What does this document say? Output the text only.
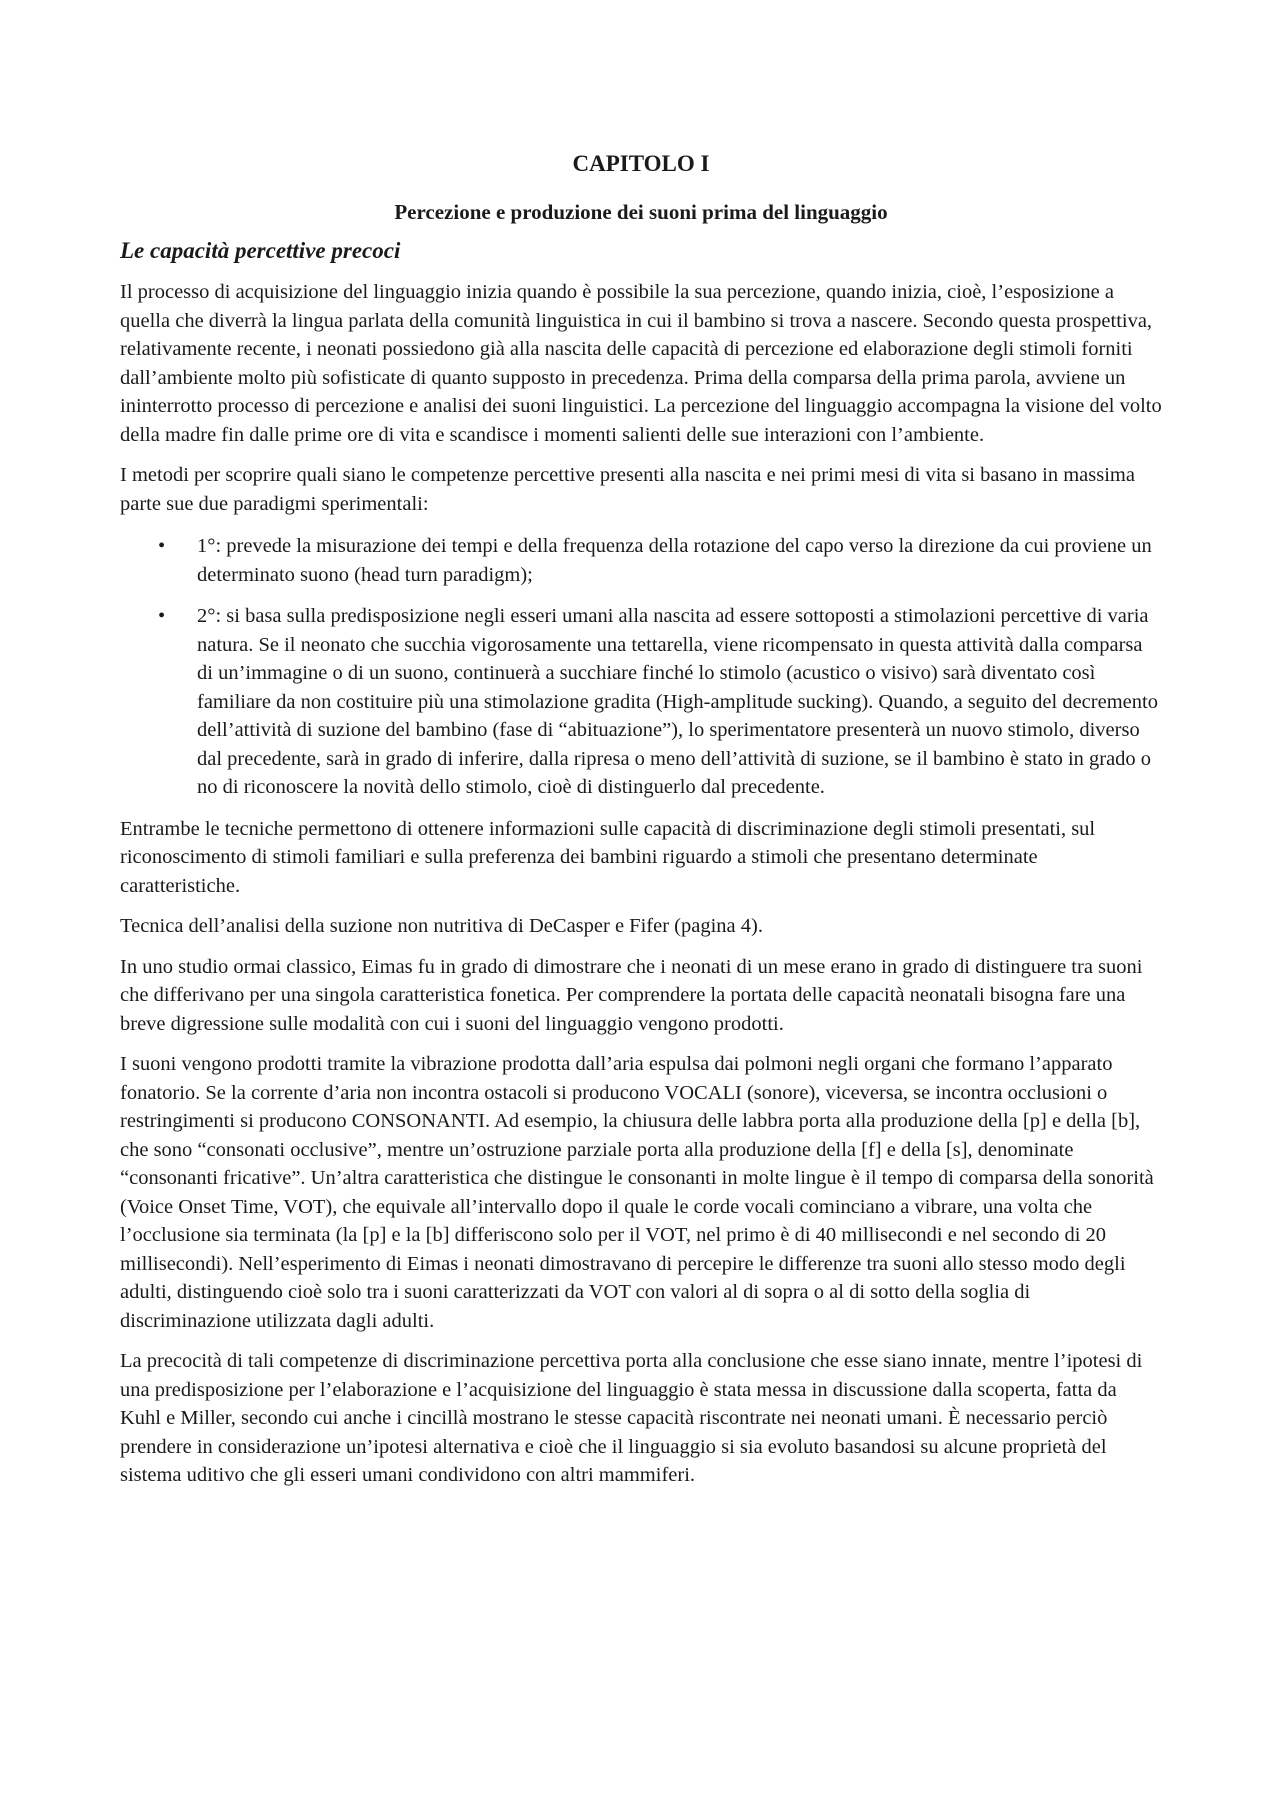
CAPITOLO I
Percezione e produzione dei suoni prima del linguaggio
Le capacità percettive precoci

Il processo di acquisizione del linguaggio inizia quando è possibile la sua percezione, quando inizia, cioè, l’esposizione a quella che diverrà la lingua parlata della comunità linguistica in cui il bambino si trova a nascere. Secondo questa prospettiva, relativamente recente, i neonati possiedono già alla nascita delle capacità di percezione ed elaborazione degli stimoli forniti dall’ambiente molto più sofisticate di quanto supposto in precedenza. Prima della comparsa della prima parola, avviene un ininterrotto processo di percezione e analisi dei suoni linguistici. La percezione del linguaggio accompagna la visione del volto della madre fin dalle prime ore di vita e scandisce i momenti salienti delle sue interazioni con l’ambiente.

I metodi per scoprire quali siano le competenze percettive presenti alla nascita e nei primi mesi di vita si basano in massima parte sue due paradigmi sperimentali:

• 1°: prevede la misurazione dei tempi e della frequenza della rotazione del capo verso la direzione da cui proviene un determinato suono (head turn paradigm);
• 2°: si basa sulla predisposizione negli esseri umani alla nascita ad essere sottoposti a stimolazioni percettive di varia natura. Se il neonato che succhia vigorosamente una tettarella, viene ricompensato in questa attività dalla comparsa di un’immagine o di un suono, continuerà a succhiare finché lo stimolo (acustico o visivo) sarà diventato così familiare da non costituire più una stimolazione gradita (High-amplitude sucking). Quando, a seguito del decremento dell’attività di suzione del bambino (fase di “abituazione”), lo sperimentatore presenterà un nuovo stimolo, diverso dal precedente, sarà in grado di inferire, dalla ripresa o meno dell’attività di suzione, se il bambino è stato in grado o no di riconoscere la novità dello stimolo, cioè di distinguerlo dal precedente.

Entrambe le tecniche permettono di ottenere informazioni sulle capacità di discriminazione degli stimoli presentati, sul riconoscimento di stimoli familiari e sulla preferenza dei bambini riguardo a stimoli che presentano determinate caratteristiche.

Tecnica dell’analisi della suzione non nutritiva di DeCasper e Fifer (pagina 4).

In uno studio ormai classico, Eimas fu in grado di dimostrare che i neonati di un mese erano in grado di distinguere tra suoni che differivano per una singola caratteristica fonetica. Per comprendere la portata delle capacità neonatali bisogna fare una breve digressione sulle modalità con cui i suoni del linguaggio vengono prodotti.

I suoni vengono prodotti tramite la vibrazione prodotta dall’aria espulsa dai polmoni negli organi che formano l’apparato fonatorio. Se la corrente d’aria non incontra ostacoli si producono VOCALI (sonore), viceversa, se incontra occlusioni o restringimenti si producono CONSONANTI. Ad esempio, la chiusura delle labbra porta alla produzione della [p] e della [b], che sono “consonati occlusive”, mentre un’ostruzione parziale porta alla produzione della [f] e della [s], denominate “consonanti fricative”. Un’altra caratteristica che distingue le consonanti in molte lingue è il tempo di comparsa della sonorità (Voice Onset Time, VOT), che equivale all’intervallo dopo il quale le corde vocali cominciano a vibrare, una volta che l’occlusione sia terminata (la [p] e la [b] differiscono solo per il VOT, nel primo è di 40 millisecondi e nel secondo di 20 millisecondi). Nell’esperimento di Eimas i neonati dimostravano di percepire le differenze tra suoni allo stesso modo degli adulti, distinguendo cioè solo tra i suoni caratterizzati da VOT con valori al di sopra o al di sotto della soglia di discriminazione utilizzata dagli adulti.

La precocità di tali competenze di discriminazione percettiva porta alla conclusione che esse siano innate, mentre l’ipotesi di una predisposizione per l’elaborazione e l’acquisizione del linguaggio è stata messa in discussione dalla scoperta, fatta da Kuhl e Miller, secondo cui anche i cincillà mostrano le stesse capacità riscontrate nei neonati umani. È necessario perciò prendere in considerazione un’ipotesi alternativa e cioè che il linguaggio si sia evoluto basandosi su alcune proprietà del sistema uditivo che gli esseri umani condividono con altri mammiferi.
